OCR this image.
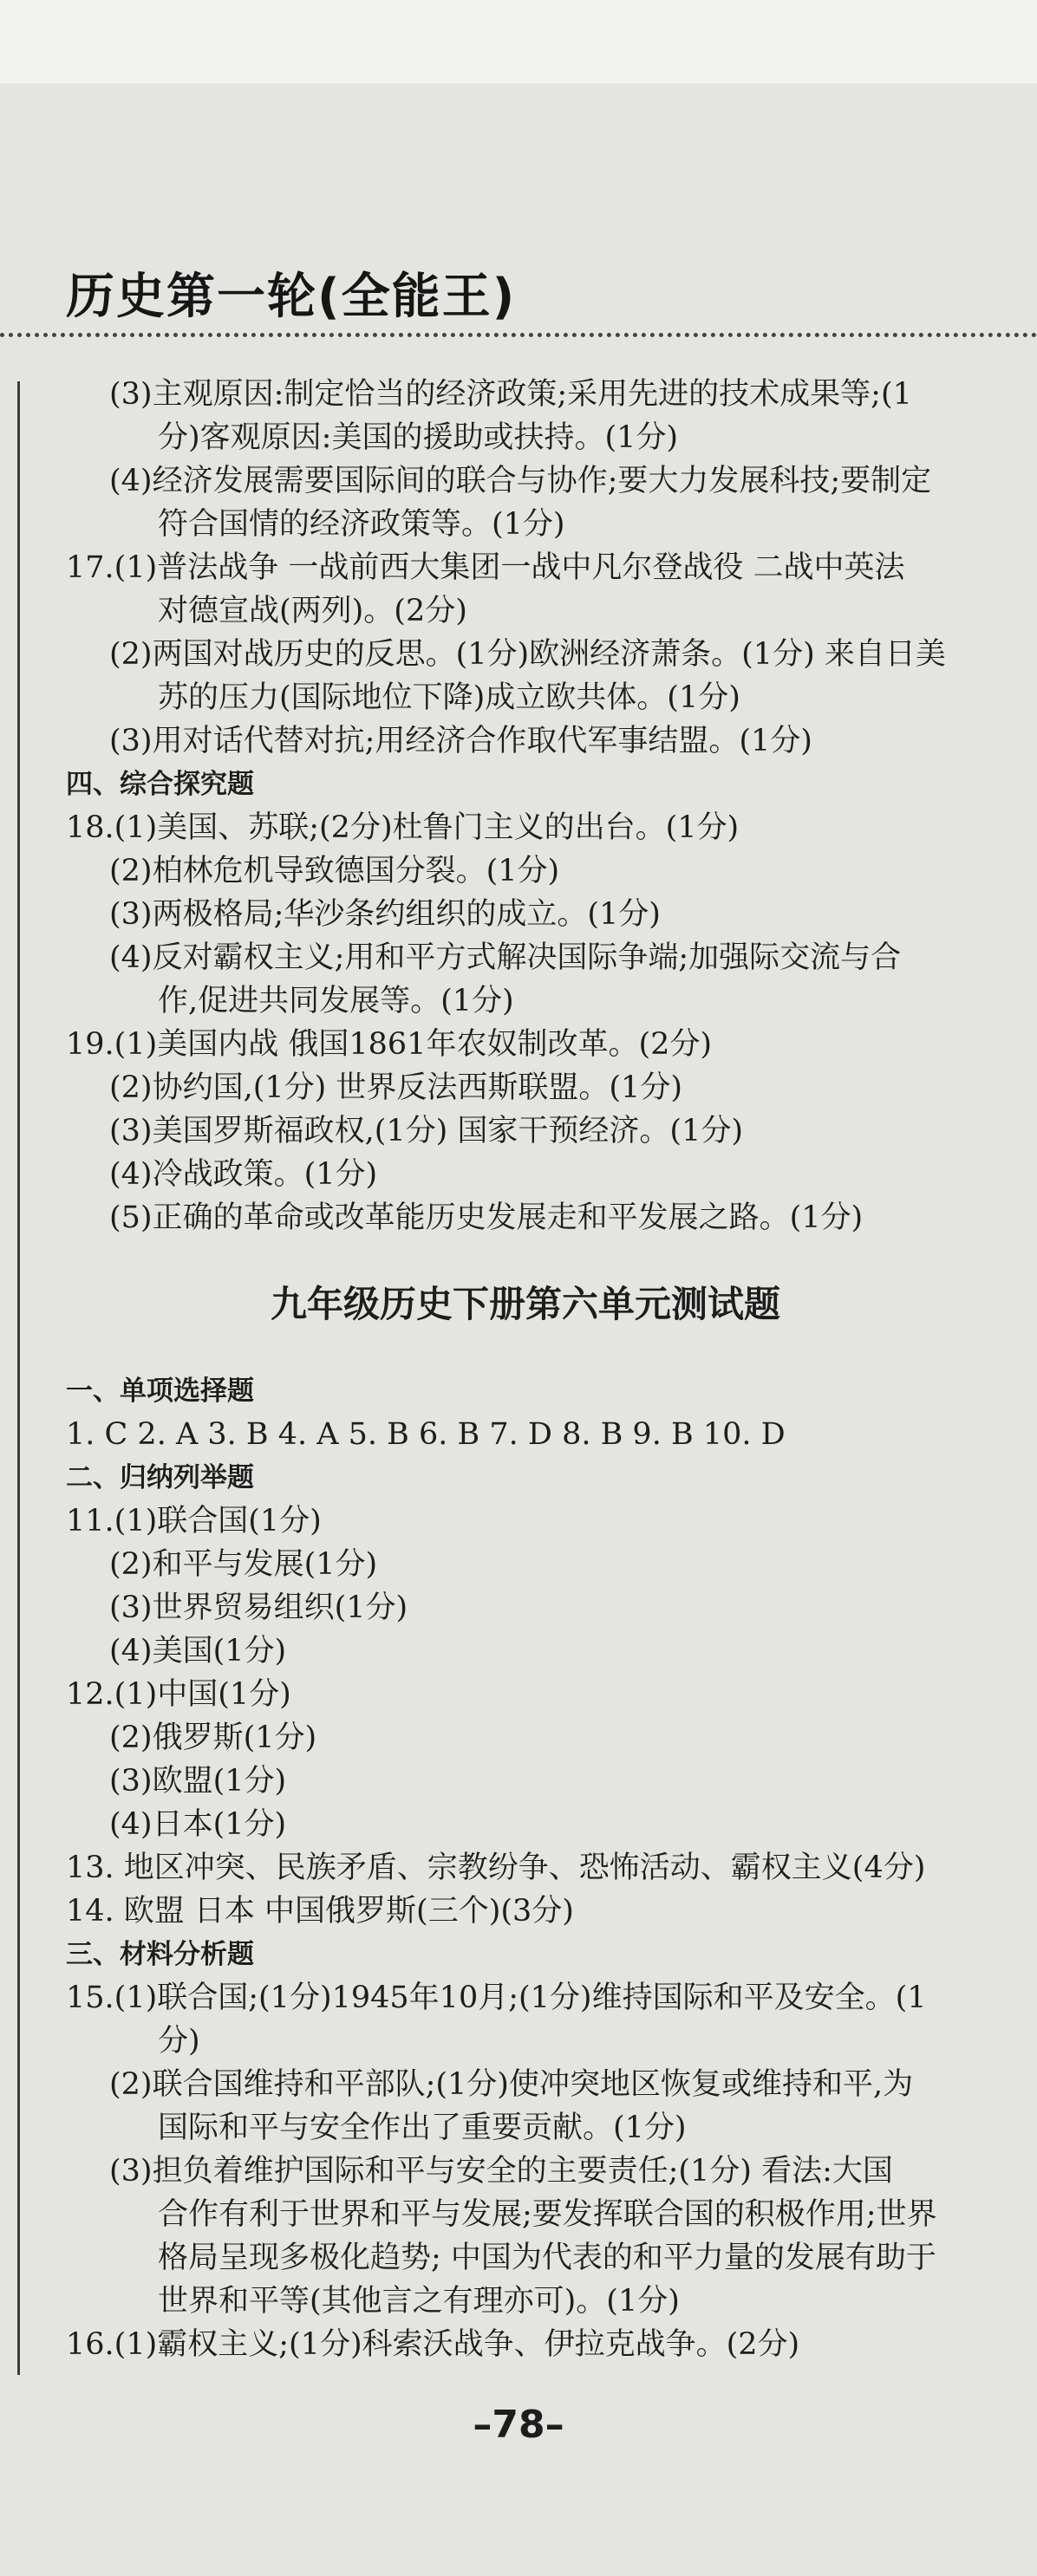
历史第一轮(全能王)
(3)主观原因:制定恰当的经济政策;采用先进的技术成果等;(1
分)客观原因:美国的援助或扶持。(1分)
(4)经济发展需要国际间的联合与协作;要大力发展科技;要制定
符合国情的经济政策等。(1分)
17.(1)普法战争 一战前西大集团一战中凡尔登战役 二战中英法
对德宣战(两列)。(2分)
(2)两国对战历史的反思。(1分)欧洲经济萧条。(1分) 来自日美
苏的压力(国际地位下降)成立欧共体。(1分)
(3)用对话代替对抗;用经济合作取代军事结盟。(1分)
四、综合探究题
18.(1)美国、苏联;(2分)杜鲁门主义的出台。(1分)
(2)柏林危机导致德国分裂。(1分)
(3)两极格局;华沙条约组织的成立。(1分)
(4)反对霸权主义;用和平方式解决国际争端;加强际交流与合
作,促进共同发展等。(1分)
19.(1)美国内战 俄国1861年农奴制改革。(2分)
(2)协约国,(1分) 世界反法西斯联盟。(1分)
(3)美国罗斯福政权,(1分) 国家干预经济。(1分)
(4)冷战政策。(1分)
(5)正确的革命或改革能历史发展走和平发展之路。(1分)
九年级历史下册第六单元测试题
一、单项选择题
1. C 2. A 3. B 4. A 5. B 6. B 7. D 8. B 9. B 10. D
二、归纳列举题
11.(1)联合国(1分)
(2)和平与发展(1分)
(3)世界贸易组织(1分)
(4)美国(1分)
12.(1)中国(1分)
(2)俄罗斯(1分)
(3)欧盟(1分)
(4)日本(1分)
13. 地区冲突、民族矛盾、宗教纷争、恐怖活动、霸权主义(4分)
14. 欧盟 日本 中国俄罗斯(三个)(3分)
三、材料分析题
15.(1)联合国;(1分)1945年10月;(1分)维持国际和平及安全。(1
分)
(2)联合国维持和平部队;(1分)使冲突地区恢复或维持和平,为
国际和平与安全作出了重要贡献。(1分)
(3)担负着维护国际和平与安全的主要责任;(1分) 看法:大国
合作有利于世界和平与发展;要发挥联合国的积极作用;世界
格局呈现多极化趋势; 中国为代表的和平力量的发展有助于
世界和平等(其他言之有理亦可)。(1分)
16.(1)霸权主义;(1分)科索沃战争、伊拉克战争。(2分)
–78–
